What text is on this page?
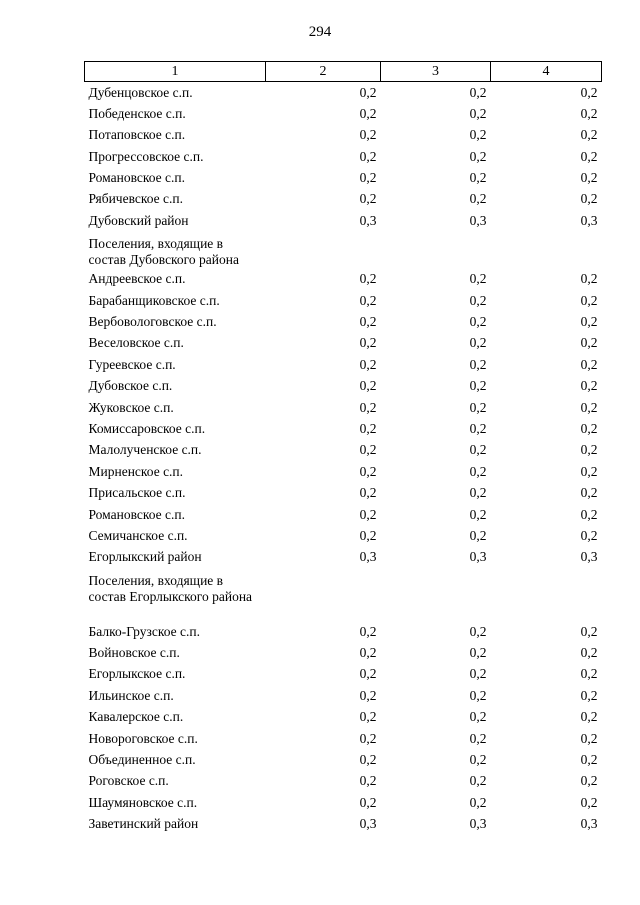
294
1	2	3	4
Дубенцовское с.п.	0,2	0,2	0,2
Победенское с.п.	0,2	0,2	0,2
Потаповское с.п.	0,2	0,2	0,2
Прогрессовское с.п.	0,2	0,2	0,2
Романовское с.п.	0,2	0,2	0,2
Рябичевское с.п.	0,2	0,2	0,2
Дубовский район	0,3	0,3	0,3
Поселения, входящие в состав Дубовского района			
Андреевское с.п.	0,2	0,2	0,2
Барабанщиковское с.п.	0,2	0,2	0,2
Вербовологовское с.п.	0,2	0,2	0,2
Веселовское с.п.	0,2	0,2	0,2
Гуреевское с.п.	0,2	0,2	0,2
Дубовское с.п.	0,2	0,2	0,2
Жуковское с.п.	0,2	0,2	0,2
Комиссаровское с.п.	0,2	0,2	0,2
Малолученское с.п.	0,2	0,2	0,2
Мирненское с.п.	0,2	0,2	0,2
Присальское с.п.	0,2	0,2	0,2
Романовское с.п.	0,2	0,2	0,2
Семичанское с.п.	0,2	0,2	0,2
Егорлыкский район	0,3	0,3	0,3
Поселения, входящие в состав Егорлыкского района			
Балко-Грузское с.п.	0,2	0,2	0,2
Войновское с.п.	0,2	0,2	0,2
Егорлыкское с.п.	0,2	0,2	0,2
Ильинское с.п.	0,2	0,2	0,2
Кавалерское с.п.	0,2	0,2	0,2
Новороговское с.п.	0,2	0,2	0,2
Объединенное с.п.	0,2	0,2	0,2
Роговское с.п.	0,2	0,2	0,2
Шаумяновское с.п.	0,2	0,2	0,2
Заветинский район	0,3	0,3	0,3
